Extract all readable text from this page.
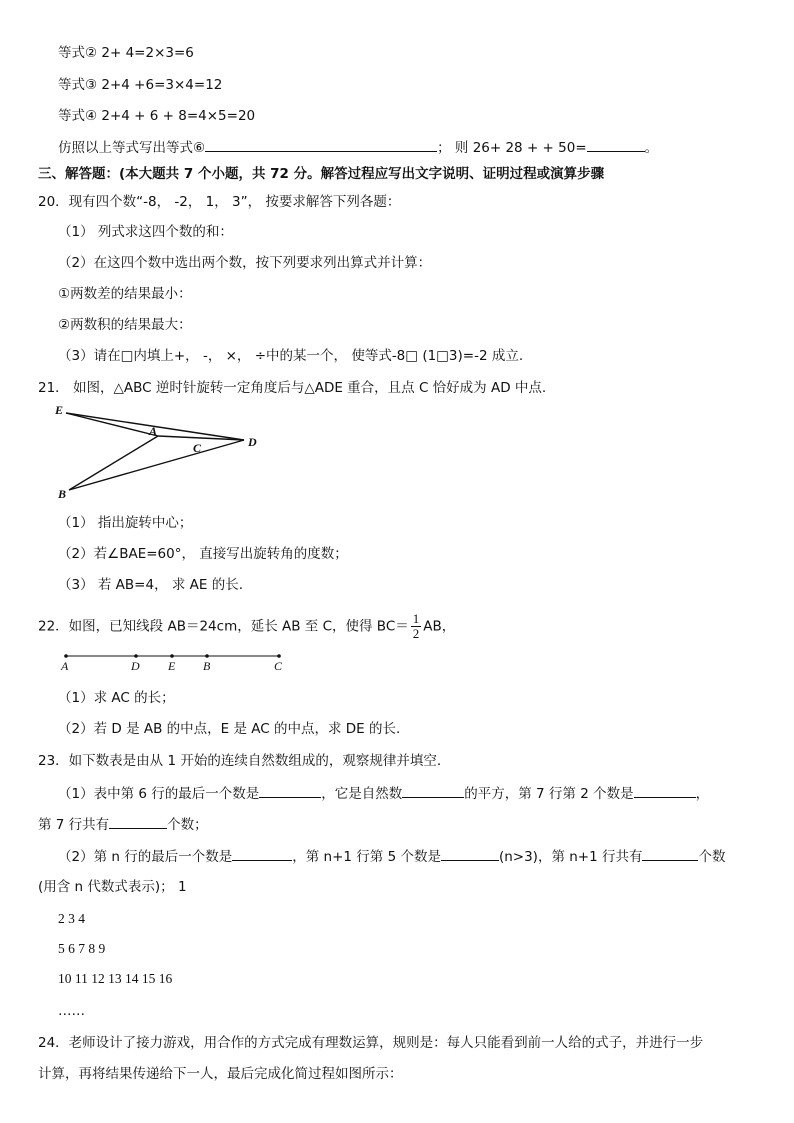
等式② 2+ 4=2×3=6
等式③ 2+4 +6=3×4=12
等式④ 2+4 + 6 + 8=4×5=20
仿照以上等式写出等式⑥	； 则 26+ 28 + + 50=	。
三、解答题：(本大题共 7 个小题，共 72 分。解答过程应写出文字说明、证明过程或演算步骤
20．现有四个数“-8， -2， 1， 3”， 按要求解答下列各题：
（1） 列式求这四个数的和：
（2）在这四个数中选出两个数，按下列要求列出算式并计算：
①两数差的结果最小：
②两数积的结果最大：
（3）请在□内填上+， -， ×， ÷中的某一个， 使等式-8□ (1□3)=-2 成立.
21． 如图，△ABC 逆时针旋转一定角度后与△ADE 重合，且点 C 恰好成为 AD 中点.
E
A
C	D
B
（1） 指出旋转中心；
（2）若∠BAE=60°， 直接写出旋转角的度数；
（3） 若 AB=4， 求 AE 的长.
22．如图，已知线段 AB＝24cm，延长 AB 至 C，使得 $BC= \frac{1}{2}$ AB，
A	D E B	C
（1）求 AC 的长；
（2）若 D 是 AB 的中点，E 是 AC 的中点，求 DE 的长.
23．如下数表是由从 1 开始的连续自然数组成的，观察规律并填空.
（1）表中第 6 行的最后一个数是	，它是自然数	的平方，第 7 行第 2 个数是	，
第 7 行共有	个数；
（2）第 n 行的最后一个数是	，第 n+1 行第 5 个数是	(n>3)，第 n+1 行共有	个数
(用含 n 代数式表示)； 1
2 3 4
5 6 7 8 9
10 11 12 13 14 15 16
……
24．老师设计了接力游戏，用合作的方式完成有理数运算，规则是：每人只能看到前一人给的式子，并进行一步
计算，再将结果传递给下一人，最后完成化简过程如图所示：
